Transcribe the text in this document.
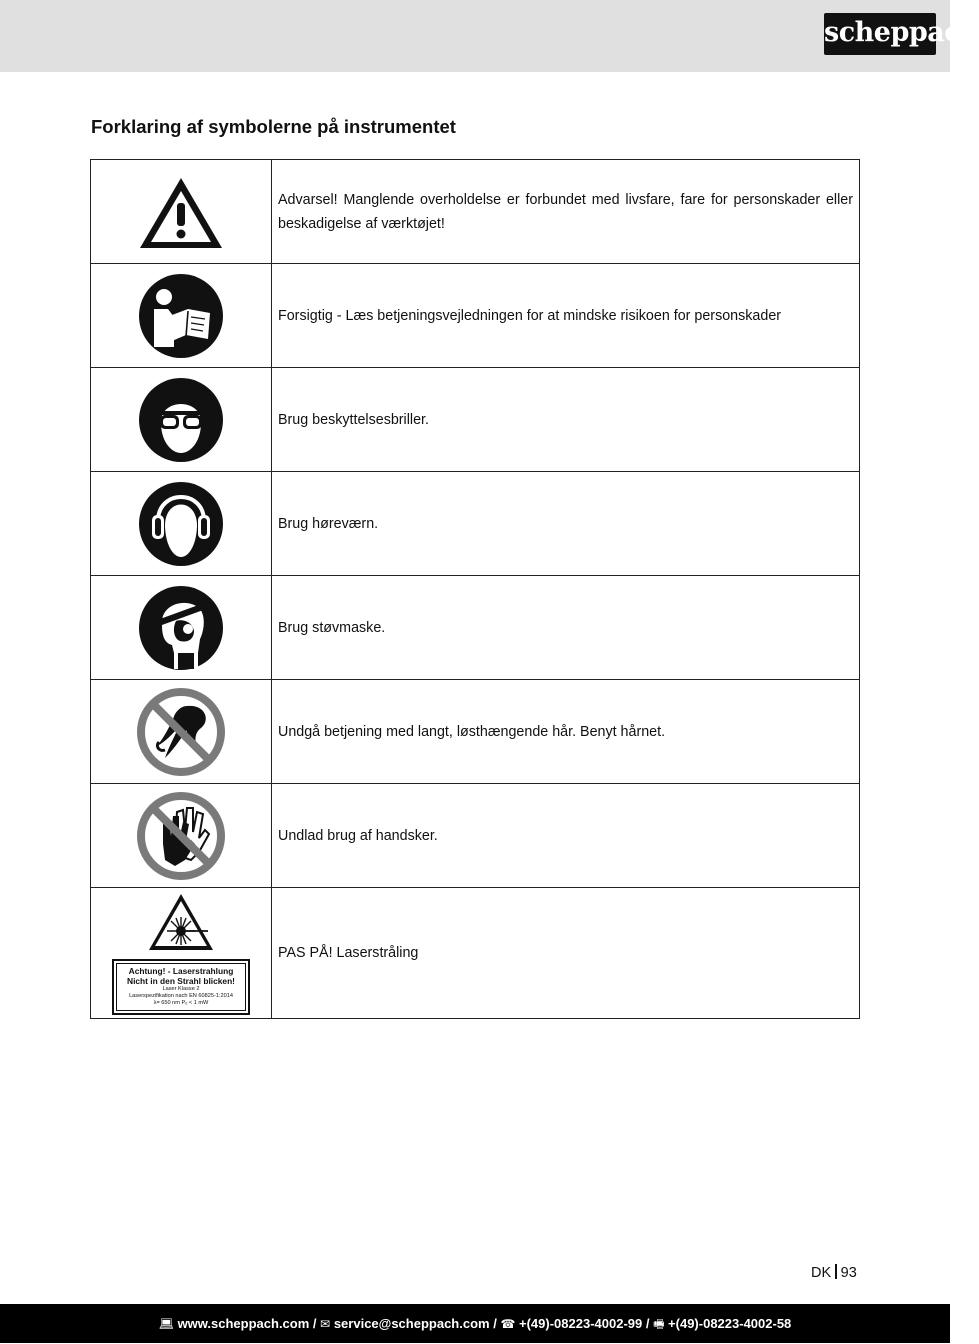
scheppach
Forklaring af symbolerne på instrumentet
	Advarsel! Manglende overholdelse er forbundet med livsfare, fare for personskader eller beskadigelse af værktøjet!

	Forsigtig - Læs betjeningsvejledningen for at mindske risikoen for personskader

	Brug beskyttelsesbriller.

	Brug høreværn.

	Brug støvmaske.

	Undgå betjening med langt, løsthængende hår. Benyt hårnet.

	Undlad brug af handsker.

Achtung! - Laserstrahlung
Nicht in den Strahl blicken!
Laser Klasse 2
Laserspezifikation nach EN 60825-1:2014
λ= 650 nm Pₒ < 1 mW	PAS PÅ! Laserstråling
DK 93
💻︎ www.scheppach.com / ✉︎ service@scheppach.com / ☎︎ +(49)-08223-4002-99 / 🖷︎ +(49)-08223-4002-58
